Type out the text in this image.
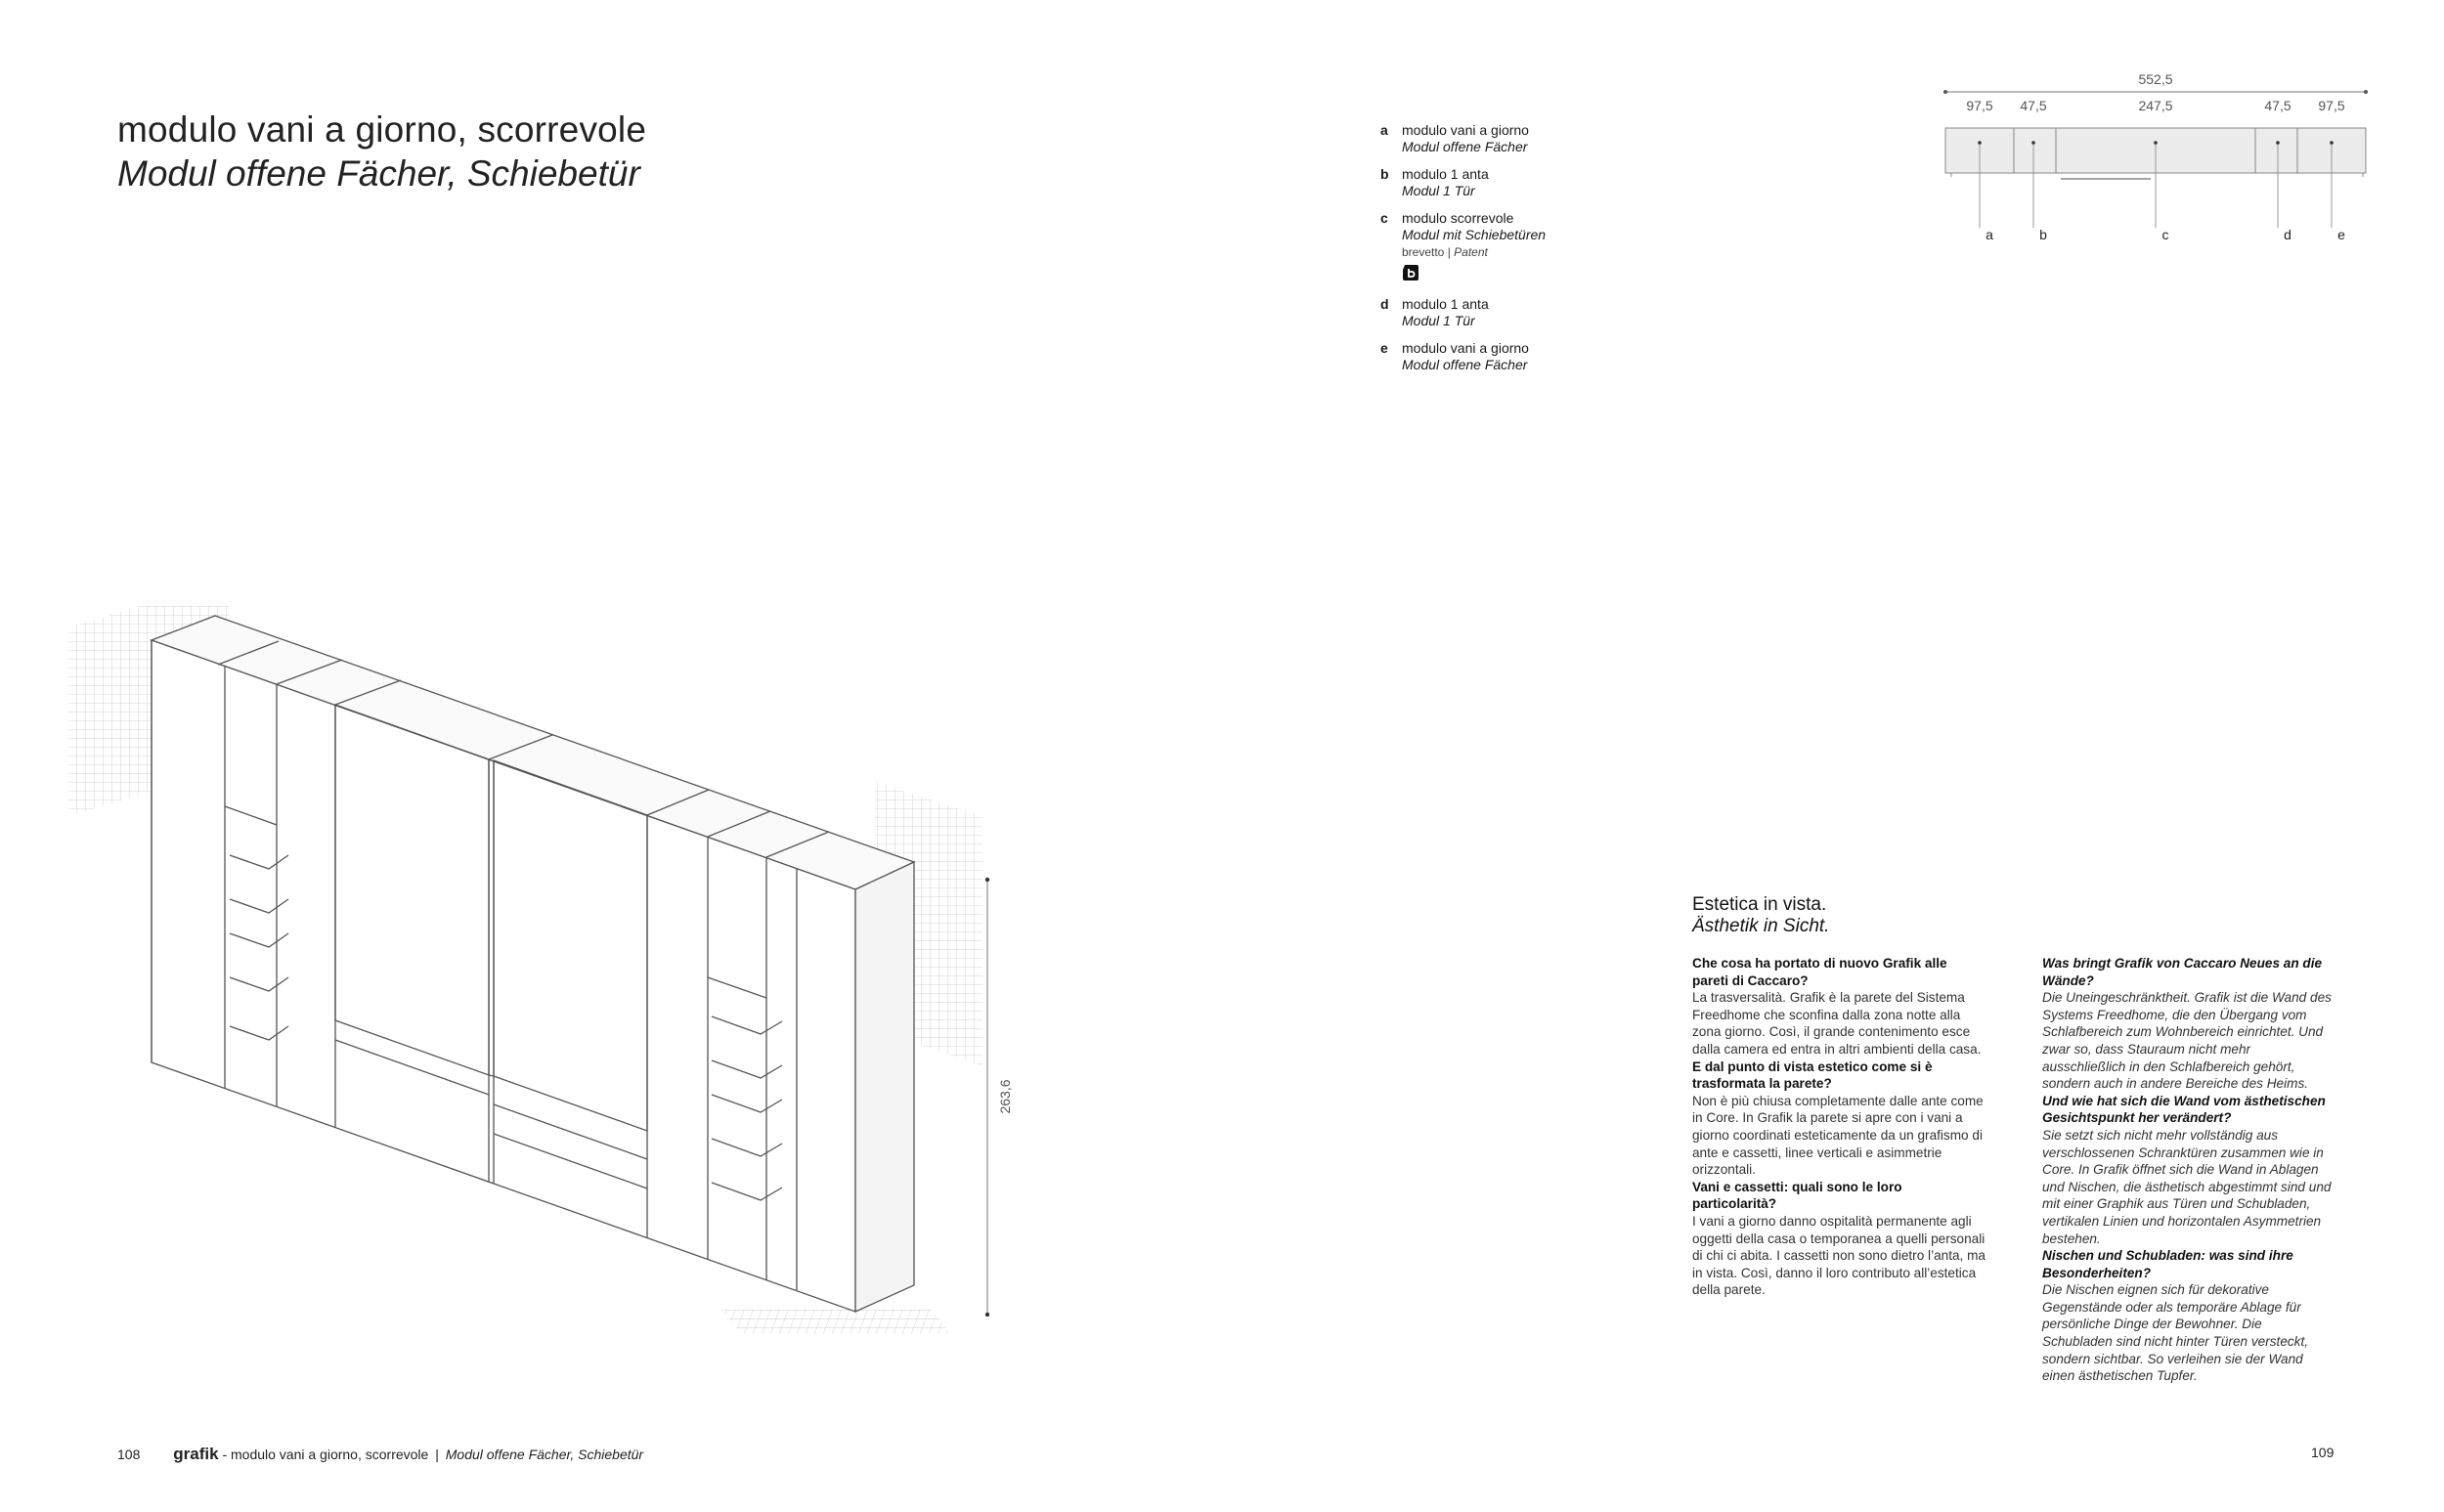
modulo vani a giorno, scorrevole
Modul offene Fächer, Schiebetür
a modulo vani a giorno
Modul offene Fächer
b modulo 1 anta
Modul 1 Tür
c modulo scorrevole
Modul mit Schiebetüren
brevetto | Patent
d modulo 1 anta
Modul 1 Tür
e modulo vani a giorno
Modul offene Fächer
552,5
97,5 47,5	247,5	47,5 97,5
a	b	c	d	e
263,6
Estetica in vista.
Ästhetik in Sicht.
Che cosa ha portato di nuovo Grafik alle pareti di Caccaro?
La trasversalità. Grafik è la parete del Sistema Freedhome che sconfina dalla zona notte alla zona giorno. Così, il grande contenimento esce dalla camera ed entra in altri ambienti della casa.
E dal punto di vista estetico come si è trasformata la parete?
Non è più chiusa completamente dalle ante come in Core. In Grafik la parete si apre con i vani a giorno coordinati esteticamente da un grafismo di ante e cassetti, linee verticali e asimmetrie orizzontali.
Vani e cassetti: quali sono le loro particolarità?
I vani a giorno danno ospitalità permanente agli oggetti della casa o temporanea a quelli personali di chi ci abita. I cassetti non sono dietro l’anta, ma in vista. Così, danno il loro contributo all’estetica della parete.
Was bringt Grafik von Caccaro Neues an die Wände?
Die Uneingeschränktheit. Grafik ist die Wand des Systems Freedhome, die den Übergang vom Schlafbereich zum Wohnbereich einrichtet. Und zwar so, dass Stauraum nicht mehr ausschließlich in den Schlafbereich gehört, sondern auch in andere Bereiche des Heims.
Und wie hat sich die Wand vom ästhetischen Gesichtspunkt her verändert?
Sie setzt sich nicht mehr vollständig aus verschlossenen Schranktüren zusammen wie in Core. In Grafik öffnet sich die Wand in Ablagen und Nischen, die ästhetisch abgestimmt sind und mit einer Graphik aus Türen und Schubladen, vertikalen Linien und horizontalen Asymmetrien bestehen.
Nischen und Schubladen: was sind ihre Besonderheiten?
Die Nischen eignen sich für dekorative Gegenstände oder als temporäre Ablage für persönliche Dinge der Bewohner. Die Schubladen sind nicht hinter Türen versteckt, sondern sichtbar. So verleihen sie der Wand einen ästhetischen Tupfer.
108 grafik - modulo vani a giorno, scorrevole | Modul offene Fächer, Schiebetür	109
